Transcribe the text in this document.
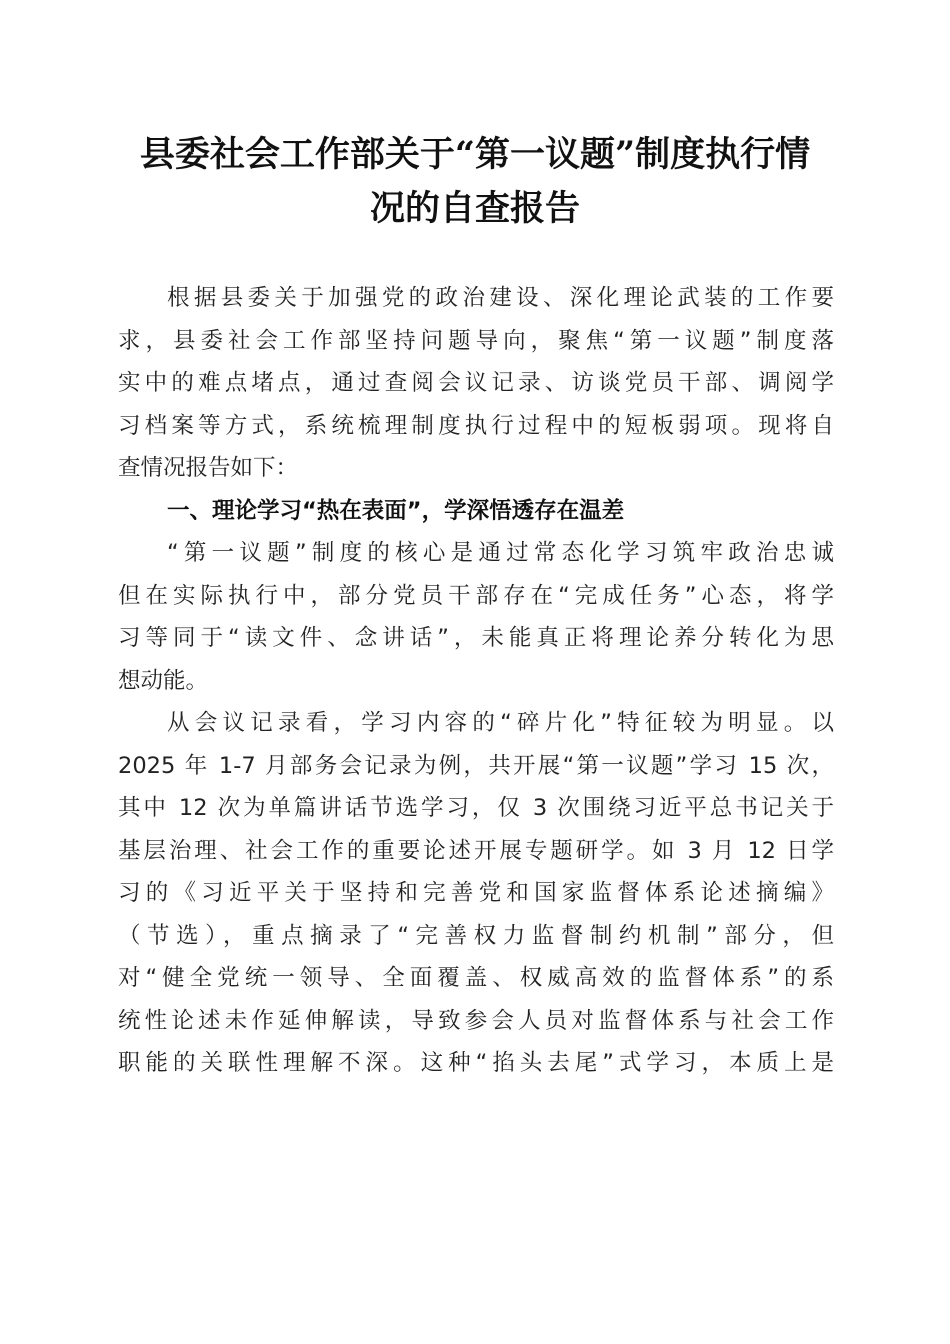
县委社会工作部关于“第一议题”制度执行情
况的自查报告
根据县委关于加强党的政治建设、深化理论武装的工作要
求，县委社会工作部坚持问题导向，聚焦“第一议题”制度落
实中的难点堵点，通过查阅会议记录、访谈党员干部、调阅学
习档案等方式，系统梳理制度执行过程中的短板弱项。现将自
查情况报告如下：
一、理论学习“热在表面”，学深悟透存在温差
“第一议题”制度的核心是通过常态化学习筑牢政治忠诚
但在实际执行中，部分党员干部存在“完成任务”心态，将学
习等同于“读文件、念讲话”，未能真正将理论养分转化为思
想动能。
从会议记录看，学习内容的“碎片化”特征较为明显。以
2025 年 1-7 月部务会记录为例，共开展“第一议题”学习 15 次，
其中 12 次为单篇讲话节选学习，仅 3 次围绕习近平总书记关于
基层治理、社会工作的重要论述开展专题研学。如 3 月 12 日学
习的《习近平关于坚持和完善党和国家监督体系论述摘编》
（节选），重点摘录了“完善权力监督制约机制”部分，但
对“健全党统一领导、全面覆盖、权威高效的监督体系”的系
统性论述未作延伸解读，导致参会人员对监督体系与社会工作
职能的关联性理解不深。这种“掐头去尾”式学习，本质上是
